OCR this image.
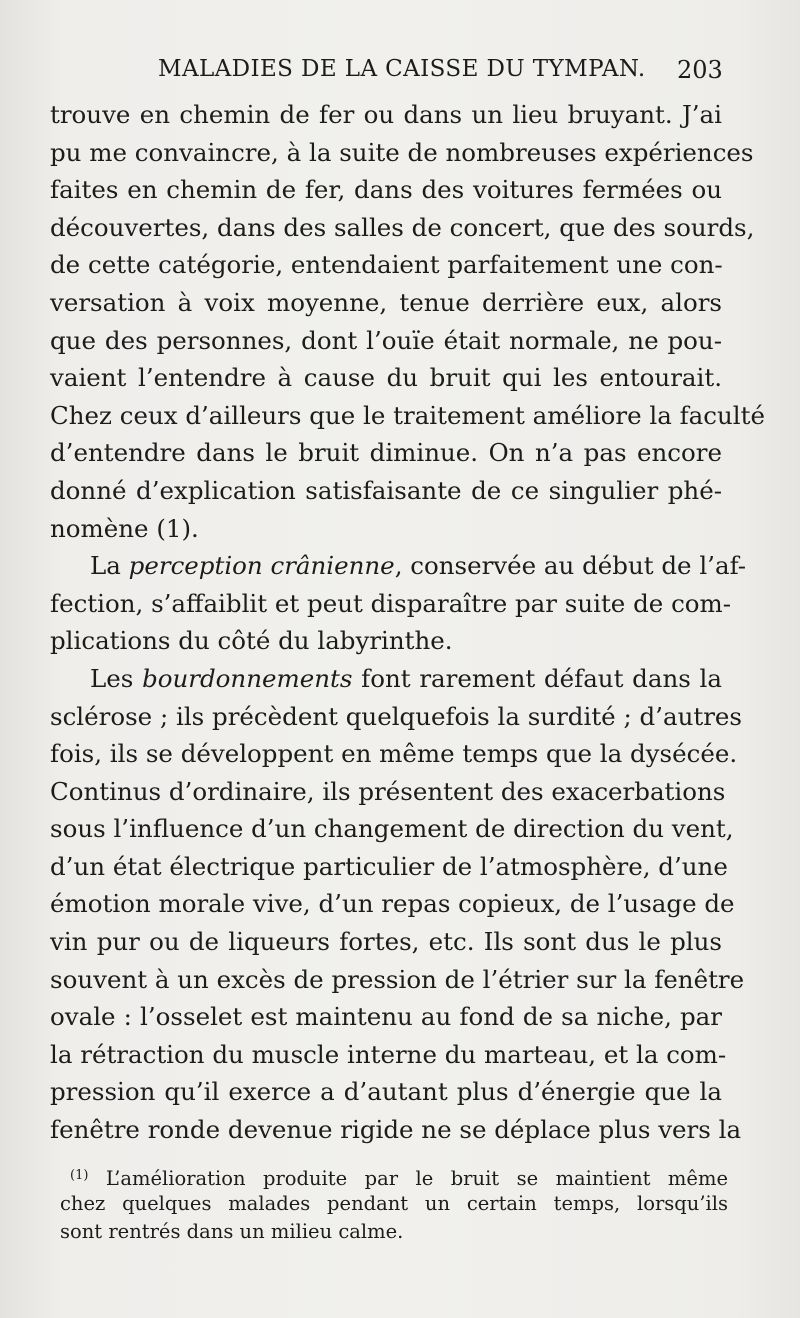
MALADIES DE LA CAISSE DU TYMPAN. 203
trouve en chemin de fer ou dans un lieu bruyant. J’ai
pu me convaincre, à la suite de nombreuses expériences
faites en chemin de fer, dans des voitures fermées ou
découvertes, dans des salles de concert, que des sourds,
de cette catégorie, entendaient parfaitement une con-
versation à voix moyenne, tenue derrière eux, alors
que des personnes, dont l’ouïe était normale, ne pou-
vaient l’entendre à cause du bruit qui les entourait.
Chez ceux d’ailleurs que le traitement améliore la faculté
d’entendre dans le bruit diminue. On n’a pas encore
donné d’explication satisfaisante de ce singulier phé-
nomène (1).
La perception crânienne, conservée au début de l’af-
fection, s’affaiblit et peut disparaître par suite de com-
plications du côté du labyrinthe.
Les bourdonnements font rarement défaut dans la
sclérose ; ils précèdent quelquefois la surdité ; d’autres
fois, ils se développent en même temps que la dysécée.
Continus d’ordinaire, ils présentent des exacerbations
sous l’influence d’un changement de direction du vent,
d’un état électrique particulier de l’atmosphère, d’une
émotion morale vive, d’un repas copieux, de l’usage de
vin pur ou de liqueurs fortes, etc. Ils sont dus le plus
souvent à un excès de pression de l’étrier sur la fenêtre
ovale : l’osselet est maintenu au fond de sa niche, par
la rétraction du muscle interne du marteau, et la com-
pression qu’il exerce a d’autant plus d’énergie que la
fenêtre ronde devenue rigide ne se déplace plus vers la
$^{(1)}$ L’amélioration produite par le bruit se maintient même
chez quelques malades pendant un certain temps, lorsqu’ils
sont rentrés dans un milieu calme.
